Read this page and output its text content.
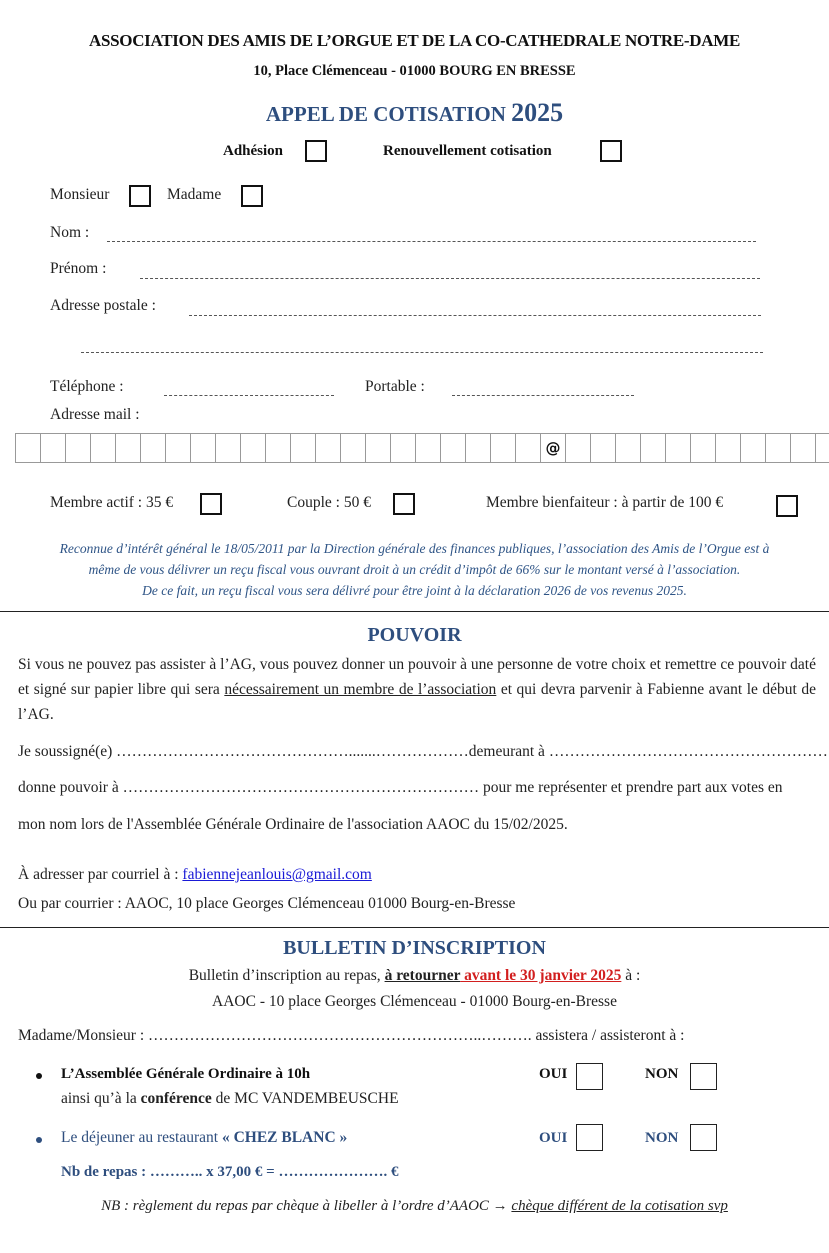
ASSOCIATION DES AMIS DE L’ORGUE ET DE LA CO-CATHEDRALE NOTRE-DAME
10, Place Clémenceau - 01000 BOURG EN BRESSE
APPEL DE COTISATION 2025
Adhésion	Renouvellement cotisation
Monsieur	Madame
Nom :
Prénom :
Adresse postale :
Téléphone :	Portable :
Adresse mail :
@
Membre actif : 35 €	Couple : 50 €	Membre bienfaiteur : à partir de 100 €
Reconnue d’intérêt général le 18/05/2011 par la Direction générale des finances publiques, l’association des Amis de l’Orgue est à
même de vous délivrer un reçu fiscal vous ouvrant droit à un crédit d’impôt de 66% sur le montant versé à l’association.
De ce fait, un reçu fiscal vous sera délivré pour être joint à la déclaration 2026 de vos revenus 2025.
POUVOIR
Si vous ne pouvez pas assister à l’AG, vous pouvez donner un pouvoir à une personne de votre choix et remettre ce pouvoir daté et signé sur papier libre qui sera nécessairement un membre de l’association et qui devra parvenir à Fabienne avant le début de l’AG.
Je soussigné(e) ……………………………………….......………………demeurant à ………………………………………………
donne pouvoir à …………………………………………………………… pour me représenter et prendre part aux votes en
mon nom lors de l'Assemblée Générale Ordinaire de l'association AAOC du 15/02/2025.
À adresser par courriel à : fabiennejeanlouis@gmail.com
Ou par courrier : AAOC, 10 place Georges Clémenceau 01000 Bourg-en-Bresse
BULLETIN D’INSCRIPTION
Bulletin d’inscription au repas, à retourner avant le 30 janvier 2025 à :
AAOC - 10 place Georges Clémenceau - 01000 Bourg-en-Bresse
Madame/Monsieur : ………………………………………………………..………. assistera / assisteront à :
L’Assemblée Générale Ordinaire à 10h
ainsi qu’à la conférence de MC VANDEMBEUSCHE
OUI	NON
Le déjeuner au restaurant « CHEZ BLANC »	OUI	NON
Nb de repas : ……….. x 37,00 € = …………………. €
NB : règlement du repas par chèque à libeller à l’ordre d’AAOC → chèque différent de la cotisation svp
